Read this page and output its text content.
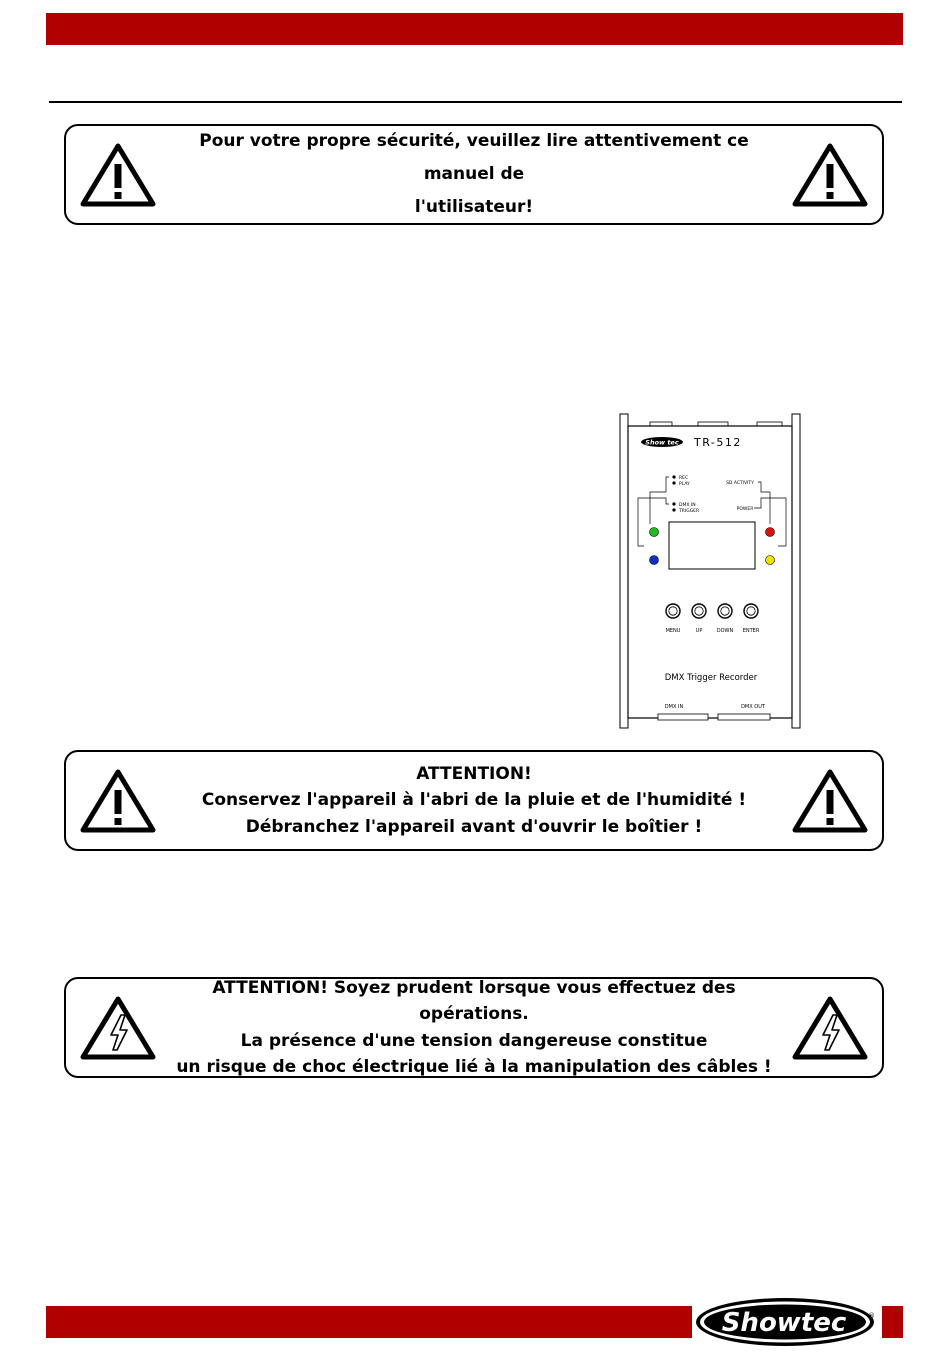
Pour votre propre sécurité, veuillez lire attentivement ce manuel de
l'utilisateur!
Show tec TR-512
REC
PLAY
DMX IN
TRIGGER
SD ACTIVITY
POWER
MENU	UP	DOWN ENTER
DMX Trigger Recorder
DMX IN	DMX OUT
ATTENTION!
Conservez l'appareil à l'abri de la pluie et de l'humidité !
Débranchez l'appareil avant d'ouvrir le boîtier !
ATTENTION! Soyez prudent lorsque vous effectuez des opérations.
La présence d'une tension dangereuse constitue
un risque de choc électrique lié à la manipulation des câbles !
Showtec	®
